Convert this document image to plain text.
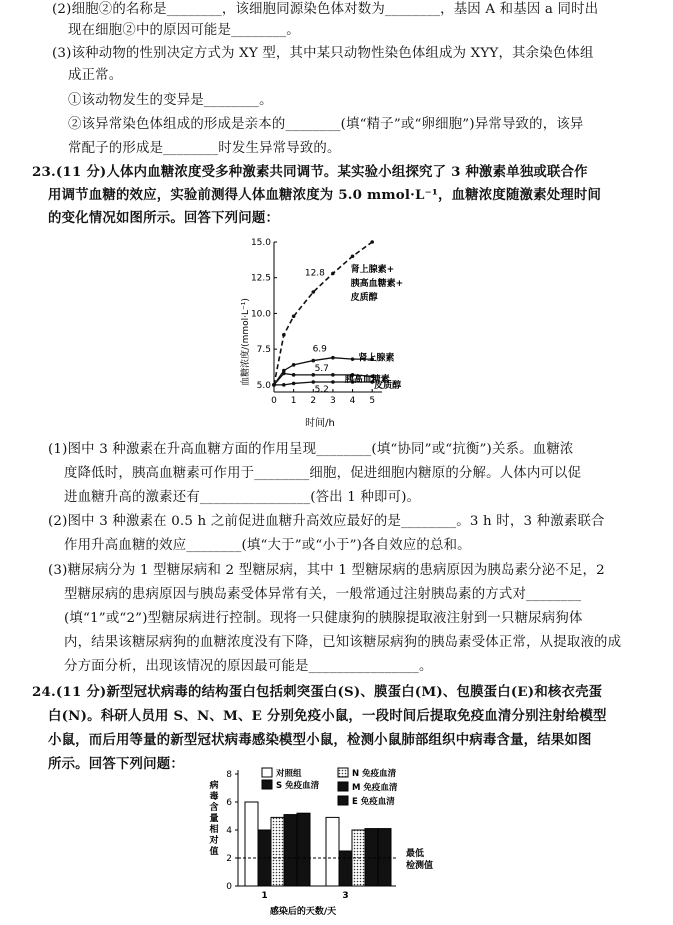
(2)细胞②的名称是________，该细胞同源染色体对数为________，基因 A 和基因 a 同时出
现在细胞②中的原因可能是________。
(3)该种动物的性别决定方式为 XY 型，其中某只动物性染色体组成为 XYY，其余染色体组
成正常。
①该动物发生的变异是________。
②该异常染色体组成的形成是亲本的________(填“精子”或“卵细胞”)异常导致的，该异
常配子的形成是________时发生异常导致的。
23.(11 分)人体内血糖浓度受多种激素共同调节。某实验小组探究了 3 种激素单独或联合作
用调节血糖的效应，实验前测得人体血糖浓度为 5.0 mmol·L⁻¹，血糖浓度随激素处理时间
的变化情况如图所示。回答下列问题：
血糖浓度/(mmol·L⁻¹)
0 1 2 3 4 5
5.0
7.5
10.0
12.5
15.0
12.8
6.9
5.7
5.2
肾上腺素+
胰高血糖素+
皮质醇
肾上腺素
胰高血糖素
皮质醇
时间/h
(1)图中 3 种激素在升高血糖方面的作用呈现________(填“协同”或“抗衡”)关系。血糖浓
度降低时，胰高血糖素可作用于________细胞，促进细胞内糖原的分解。人体内可以促
进血糖升高的激素还有________________(答出 1 种即可)。
(2)图中 3 种激素在 0.5 h 之前促进血糖升高效应最好的是________。3 h 时，3 种激素联合
作用升高血糖的效应________(填“大于”或“小于”)各自效应的总和。
(3)糖尿病分为 1 型糖尿病和 2 型糖尿病，其中 1 型糖尿病的患病原因为胰岛素分泌不足，2
型糖尿病的患病原因与胰岛素受体异常有关，一般常通过注射胰岛素的方式对________
(填“1”或“2”)型糖尿病进行控制。现将一只健康狗的胰腺提取液注射到一只糖尿病狗体
内，结果该糖尿病狗的血糖浓度没有下降，已知该糖尿病狗的胰岛素受体正常，从提取液的成
分方面分析，出现该情况的原因最可能是________________。
24.(11 分)新型冠状病毒的结构蛋白包括刺突蛋白(S)、膜蛋白(M)、包膜蛋白(E)和核衣壳蛋
白(N)。科研人员用 S、N、M、E 分别免疫小鼠，一段时间后提取免疫血清分别注射给模型
小鼠，而后用等量的新型冠状病毒感染模型小鼠，检测小鼠肺部组织中病毒含量，结果如图
所示。回答下列问题：
病
毒
含
量
相
对
值
0
2
4
6
8
1	3
对照组	N 免疫血清
S 免疫血清	M 免疫血清
E 免疫血清
最低
检测值
感染后的天数/天
